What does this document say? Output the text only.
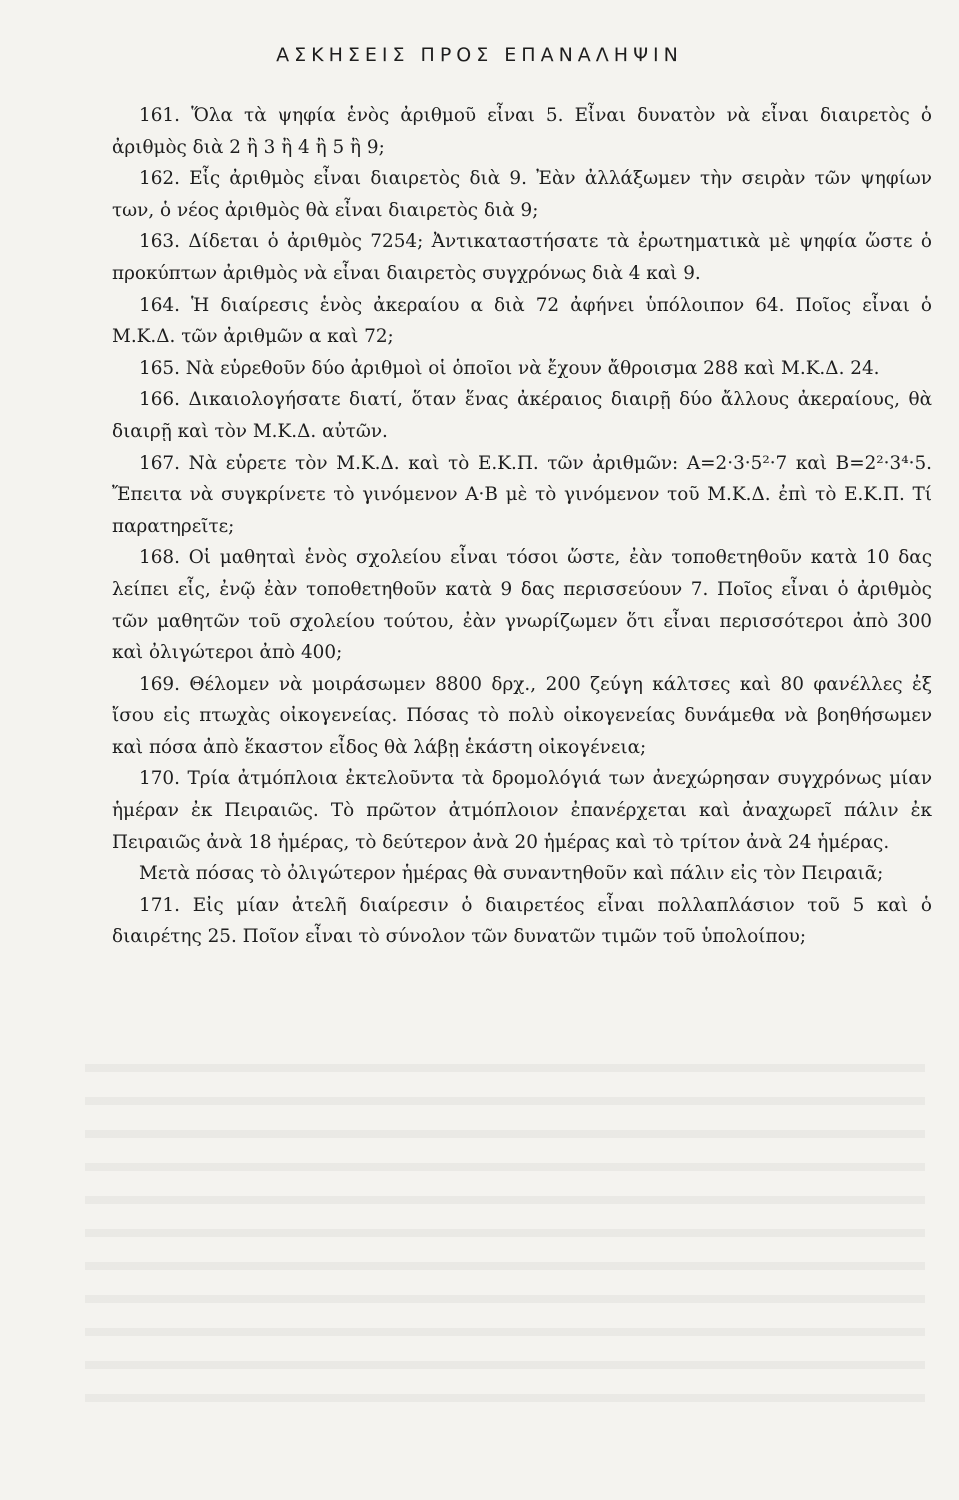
ΑΣΚΗΣΕΙΣ ΠΡΟΣ ΕΠΑΝΑΛΗΨΙΝ

161. Ὅλα τὰ ψηφία ἑνὸς ἀριθμοῦ εἶναι 5. Εἶναι δυνατὸν νὰ εἶναι διαιρετὸς ὁ ἀριθμὸς διὰ 2 ἢ 3 ἢ 4 ἢ 5 ἢ 9;

162. Εἷς ἀριθμὸς εἶναι διαιρετὸς διὰ 9. Ἐὰν ἀλλάξωμεν τὴν σειρὰν τῶν ψηφίων των, ὁ νέος ἀριθμὸς θὰ εἶναι διαιρετὸς διὰ 9;

163. Δίδεται ὁ ἀριθμὸς 7254; Ἀντικαταστήσατε τὰ ἐρωτηματικὰ μὲ ψηφία ὥστε ὁ προκύπτων ἀριθμὸς νὰ εἶναι διαιρετὸς συγχρόνως διὰ 4 καὶ 9.

164. Ἡ διαίρεσις ἑνὸς ἀκεραίου α διὰ 72 ἀφήνει ὑπόλοιπον 64. Ποῖος εἶναι ὁ Μ.Κ.Δ. τῶν ἀριθμῶν α καὶ 72;

165. Νὰ εὑρεθοῦν δύο ἀριθμοὶ οἱ ὁποῖοι νὰ ἔχουν ἄθροισμα 288 καὶ Μ.Κ.Δ. 24.

166. Δικαιολογήσατε διατί, ὅταν ἕνας ἀκέραιος διαιρῇ δύο ἄλλους ἀκεραίους, θὰ διαιρῇ καὶ τὸν Μ.Κ.Δ. αὐτῶν.

167. Νὰ εὑρετε τὸν Μ.Κ.Δ. καὶ τὸ Ε.Κ.Π. τῶν ἀριθμῶν: Α=2·3·5²·7 καὶ Β=2²·3⁴·5. Ἔπειτα νὰ συγκρίνετε τὸ γινόμενον Α·Β μὲ τὸ γινόμενον τοῦ Μ.Κ.Δ. ἐπὶ τὸ Ε.Κ.Π. Τί παρατηρεῖτε;

168. Οἱ μαθηταὶ ἑνὸς σχολείου εἶναι τόσοι ὥστε, ἐὰν τοποθετηθοῦν κατὰ 10 δας λείπει εἷς, ἐνῷ ἐὰν τοποθετηθοῦν κατὰ 9 δας περισσεύουν 7. Ποῖος εἶναι ὁ ἀριθμὸς τῶν μαθητῶν τοῦ σχολείου τούτου, ἐὰν γνωρίζωμεν ὅτι εἶναι περισσότεροι ἀπὸ 300 καὶ ὀλιγώτεροι ἀπὸ 400;

169. Θέλομεν νὰ μοιράσωμεν 8800 δρχ., 200 ζεύγη κάλτσες καὶ 80 φανέλλες ἐξ ἴσου εἰς πτωχὰς οἰκογενείας. Πόσας τὸ πολὺ οἰκογενείας δυνάμεθα νὰ βοηθήσωμεν καὶ πόσα ἀπὸ ἕκαστον εἶδος θὰ λάβῃ ἑκάστη οἰκογένεια;

170. Τρία ἀτμόπλοια ἐκτελοῦντα τὰ δρομολόγιά των ἀνεχώρησαν συγχρόνως μίαν ἡμέραν ἐκ Πειραιῶς. Τὸ πρῶτον ἀτμόπλοιον ἐπανέρχεται καὶ ἀναχωρεῖ πάλιν ἐκ Πειραιῶς ἀνὰ 18 ἡμέρας, τὸ δεύτερον ἀνὰ 20 ἡμέρας καὶ τὸ τρίτον ἀνὰ 24 ἡμέρας.

Μετὰ πόσας τὸ ὀλιγώτερον ἡμέρας θὰ συναντηθοῦν καὶ πάλιν εἰς τὸν Πειραιᾶ;

171. Εἰς μίαν ἀτελῆ διαίρεσιν ὁ διαιρετέος εἶναι πολλαπλάσιον τοῦ 5 καὶ ὁ διαιρέτης 25. Ποῖον εἶναι τὸ σύνολον τῶν δυνατῶν τιμῶν τοῦ ὑπολοίπου;
